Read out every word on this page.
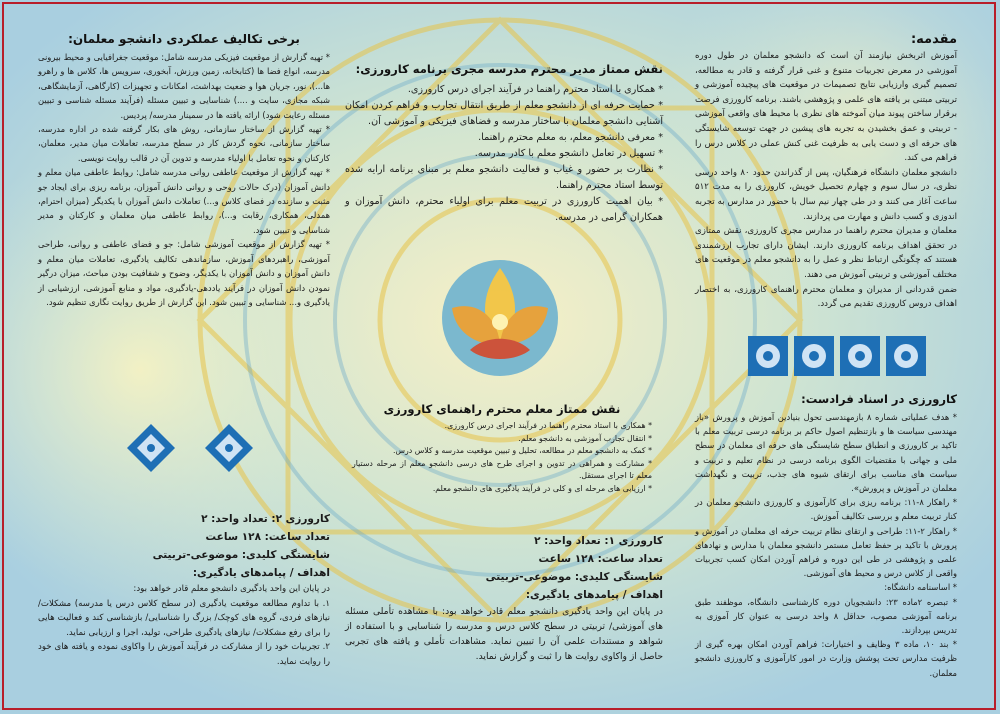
مقدمه:

آموزش اثربخش نیازمند آن است که دانشجو معلمان در طول دوره آموزشی در معرض تجربیات متنوع و غنی قرار گرفته و قادر به مطالعه، تصمیم گیری وارزیابی نتایج تصمیمات در موقعیت های پیچیده آموزشی و تربیتی مبتنی بر یافته های علمی و پژوهشی باشند. برنامه کارورزی فرصت برقرار ساختن پیوند میان آموخته های نظری با محیط های واقعی آموزشی - تربیتی و عمق بخشیدن به تجربه های پیشین در جهت توسعه شایستگی های حرفه ای و دست یابی به ظرفیت غنی کنش عملی در کلاس درس را فراهم می کند.

دانشجو معلمان دانشگاه فرهنگیان، پس از گذراندن حدود ۸۰ واحد درسی نظری، در سال سوم و چهارم تحصیل خویش، کارورزی را به مدت ۵۱۲ ساعت آغاز می کنند و در طی چهار نیم سال با حضور در مدارس به تجربه اندوزی و کسب دانش و مهارت می پردازند.

معلمان و مدیران محترم راهنما در مدارس مجری کارورزی، نقش ممتازی در تحقق اهداف برنامه کارورزی دارند. ایشان دارای تجارب ارزشمندی هستند که چگونگی ارتباط نظر و عمل را به دانشجو معلم در موقعیت های مختلف آموزشی و تربیتی آموزش می دهند.

ضمن قدردانی از مدیران و معلمان محترم راهنمای کارورزی، به اختصار اهداف دروس کارورزی تقدیم می گردد.

کارورزی در اسناد فرادست:

* هدف عملیاتی شماره ۸ بازمهندسی تحول بنیادین آموزش و پرورش «باز مهندسی سیاست ها و بازتنظیم اصول حاکم بر برنامه درسی تربیت معلم با تاکید بر کارورزی و انطباق سطح شایستگی های حرفه ای معلمان در سطح ملی و جهانی با مقتضیات الگوی برنامه درسی در نظام تعلیم و تربیت و سیاست های مناسب برای ارتقای شیوه های جذب، تربیت و نگهداشت معلمان در آموزش و پرورش».
* راهکار ۸-۱۱: برنامه ریزی برای کارآموزی و کارورزی دانشجو معلمان در کنار تربیت معلم و بررسی تکالیف آموزش.
* راهکار ۲-۱۱: طراحی و ارتقای نظام تربیت حرفه ای معلمان در آموزش و پرورش با تاکید بر حفظ تعامل مستمر دانشجو معلمان با مدارس و نهادهای علمی و پژوهشی در طی این دوره و فراهم آوردن امکان کسب تجربیات واقعی از کلاس درس و محیط های آموزشی.
* اساسنامه دانشگاه:
* تبصره ۲ماده ۲۳: دانشجویان دوره کارشناسی دانشگاه، موظفند طبق برنامه آموزشی مصوب، حداقل ۸ واحد درسی به عنوان کار آموزی به تدریس بپردازند.
* بند ۱۰، ماده ۳ وظایف و اختیارات: فراهم آوردن امکان بهره گیری از ظرفیت مدارس تحت پوشش وزارت در امور کارآموزی و کارورزی دانشجو معلمان.

نقش ممتاز مدیر محترم مدرسه مجری برنامه کارورزی:

* همکاری با استاد محترم راهنما در فرآیند اجرای درس کارورزی.

* حمایت حرفه ای از دانشجو معلم از طریق انتقال تجارب و فراهم کردن امکان آشنایی دانشجو معلمان با ساختار مدرسه و فضاهای فیزیکی و آموزشی آن.

* معرفی دانشجو معلم، به معلم محترم راهنما.

* تسهیل در تعامل دانشجو معلم با کادر مدرسه.

* نظارت بر حضور و غیاب و فعالیت دانشجو معلم بر مبنای برنامه ارایه شده توسط استاد محترم راهنما.

* بیان اهمیت کارورزی در تربیت معلم برای اولیاء محترم، دانش آموزان و همکاران گرامی در مدرسه.

نقش ممتاز معلم محترم راهنمای کارورزی

* همکاری با استاد محترم راهنما در فرآیند اجرای درس کارورزی.

* انتقال تجارب آموزشی به دانشجو معلم.

* کمک به دانشجو معلم در مطالعه، تحلیل و تبیین موقعیت مدرسه و کلاس درس.

* مشارکت و همراهی در تدوین و اجرای طرح های درسی دانشجو معلم از مرحله دستیار معلم تا اجرای مستقل.

* ارزیابی های مرحله ای و کلی در فرآیند یادگیری های دانشجو معلم.

کارورزی ۱: تعداد واحد: ۲

تعداد ساعت: ۱۲۸ ساعت

شایستگی کلیدی: موضوعی-تربیتی

اهداف / پیامدهای یادگیری:

در پایان این واحد یادگیری دانشجو معلم قادر خواهد بود: با مشاهده تأملی مسئله های آموزشی/ تربیتی در سطح کلاس درس و مدرسه را شناسایی و با استفاده از شواهد و مستندات علمی آن را تبیین نماید. مشاهدات تأملی و یافته های تجربی حاصل از واکاوی روایت ها را ثبت و گزارش نماید.

برخی تکالیف عملکردی دانشجو معلمان:

* تهیه گزارش از موقعیت فیزیکی مدرسه شامل: موقعیت جغرافیایی و محیط بیرونی مدرسه، انواع فضا ها (کتابخانه، زمین ورزش، آبخوری، سرویس ها، کلاس ها و راهرو ها...)، نور، جریان هوا و ضعیت بهداشت، امکانات و تجهیزات (کارگاهی، آزمایشگاهی، شبکه مجازی، سایت و ....) شناسایی و تبیین مسئله (فرآیند مسئله شناسی و تبیین مسئله رعایت شود) ارائه یافته ها در سمینار مدرسه/ پردیس.

* تهیه گزارش از ساختار سازمانی، روش های بکار گرفته شده در اداره مدرسه، ساختار سازمانی، نحوه گردش کار در سطح مدرسه، تعاملات میان مدیر، معلمان، کارکنان و نحوه تعامل با اولیاء مدرسه و تدوین آن در قالب روایت نویسی.

* تهیه گزارش از موقعیت عاطفی روانی مدرسه شامل: روابط عاطفی میان معلم و دانش آموزان (درک حالات روحی و روانی دانش آموزان، برنامه ریزی برای ایجاد جو مثبت و سازنده در فضای کلاس و...) تعاملات دانش آموزان با یکدیگر (میزان احترام، همدلی، همکاری، رقابت و...)، روابط عاطفی میان معلمان و کارکنان و مدیر شناسایی و تبیین شود.

* تهیه گزارش از موقعیت آموزشی شامل: جو و فضای عاطفی و روانی، طراحی آموزشی، راهبردهای آموزش، سازماندهی تکالیف یادگیری، تعاملات میان معلم و دانش آموزان و دانش آموزان با یکدیگر، وضوح و شفافیت بودن مباحث، میزان درگیر نمودن دانش آموزان در فرآیند یاددهی-یادگیری، مواد و منابع آموزشی، ارزشیابی از یادگیری و... شناسایی و تبیین شود. این گزارش از طریق روایت نگاری تنظیم شود.

کارورزی ۲: تعداد واحد: ۲

تعداد ساعت: ۱۲۸ ساعت

شایستگی کلیدی: موضوعی-تربیتی

اهداف / پیامدهای یادگیری:

در پایان این واحد یادگیری دانشجو معلم قادر خواهد بود:

۱. با تداوم مطالعه موقعیت یادگیری (در سطح کلاس درس یا مدرسه) مشکلات/ نیازهای فردی، گروه های کوچک/ بزرگ را شناسایی/ بازشناسی کند و فعالیت هایی را برای رفع مشکلات/ نیازهای یادگیری طراحی، تولید، اجرا و ارزیابی نماید.

۲. تجربیات خود را از مشارکت در فرآیند آموزش را واکاوی نموده و یافته های خود را روایت نماید.
